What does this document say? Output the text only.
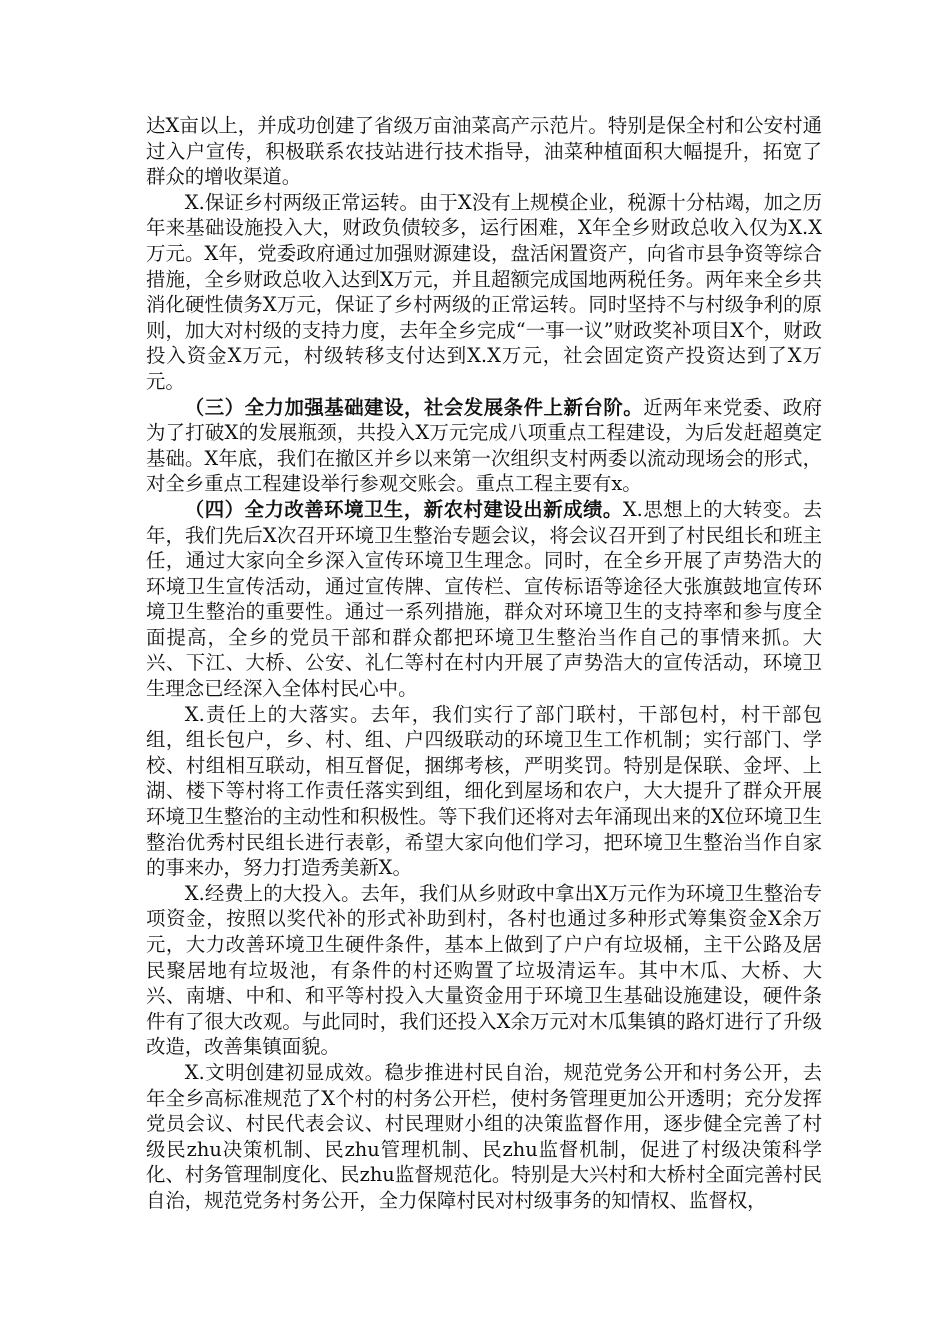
达X亩以上，并成功创建了省级万亩油菜高产示范片。特别是保全村和公安村通过入户宣传，积极联系农技站进行技术指导，油菜种植面积大幅提升，拓宽了群众的增收渠道。

X.保证乡村两级正常运转。由于X没有上规模企业，税源十分枯竭，加之历年来基础设施投入大，财政负债较多，运行困难，X年全乡财政总收入仅为X.X万元。X年，党委政府通过加强财源建设，盘活闲置资产，向省市县争资等综合措施，全乡财政总收入达到X万元，并且超额完成国地两税任务。两年来全乡共消化硬性债务X万元，保证了乡村两级的正常运转。同时坚持不与村级争利的原则，加大对村级的支持力度，去年全乡完成“一事一议”财政奖补项目X个，财政投入资金X万元，村级转移支付达到X.X万元，社会固定资产投资达到了X万元。

（三）全力加强基础建设，社会发展条件上新台阶。近两年来党委、政府为了打破X的发展瓶颈，共投入X万元完成八项重点工程建设，为后发赶超奠定基础。X年底，我们在撤区并乡以来第一次组织支村两委以流动现场会的形式，对全乡重点工程建设举行参观交账会。重点工程主要有x。

（四）全力改善环境卫生，新农村建设出新成绩。X.思想上的大转变。去年，我们先后X次召开环境卫生整治专题会议，将会议召开到了村民组长和班主任，通过大家向全乡深入宣传环境卫生理念。同时，在全乡开展了声势浩大的环境卫生宣传活动，通过宣传牌、宣传栏、宣传标语等途径大张旗鼓地宣传环境卫生整治的重要性。通过一系列措施，群众对环境卫生的支持率和参与度全面提高，全乡的党员干部和群众都把环境卫生整治当作自己的事情来抓。大兴、下江、大桥、公安、礼仁等村在村内开展了声势浩大的宣传活动，环境卫生理念已经深入全体村民心中。

X.责任上的大落实。去年，我们实行了部门联村，干部包村，村干部包组，组长包户，乡、村、组、户四级联动的环境卫生工作机制；实行部门、学校、村组相互联动，相互督促，捆绑考核，严明奖罚。特别是保联、金坪、上湖、楼下等村将工作责任落实到组，细化到屋场和农户，大大提升了群众开展环境卫生整治的主动性和积极性。等下我们还将对去年涌现出来的X位环境卫生整治优秀村民组长进行表彰，希望大家向他们学习，把环境卫生整治当作自家的事来办，努力打造秀美新X。

X.经费上的大投入。去年，我们从乡财政中拿出X万元作为环境卫生整治专项资金，按照以奖代补的形式补助到村，各村也通过多种形式筹集资金X余万元，大力改善环境卫生硬件条件，基本上做到了户户有垃圾桶，主干公路及居民聚居地有垃圾池，有条件的村还购置了垃圾清运车。其中木瓜、大桥、大兴、南塘、中和、和平等村投入大量资金用于环境卫生基础设施建设，硬件条件有了很大改观。与此同时，我们还投入X余万元对木瓜集镇的路灯进行了升级改造，改善集镇面貌。

X.文明创建初显成效。稳步推进村民自治，规范党务公开和村务公开，去年全乡高标准规范了X个村的村务公开栏，使村务管理更加公开透明；充分发挥党员会议、村民代表会议、村民理财小组的决策监督作用，逐步健全完善了村级民zhu决策机制、民zhu管理机制、民zhu监督机制，促进了村级决策科学化、村务管理制度化、民zhu监督规范化。特别是大兴村和大桥村全面完善村民自治，规范党务村务公开，全力保障村民对村级事务的知情权、监督权，
